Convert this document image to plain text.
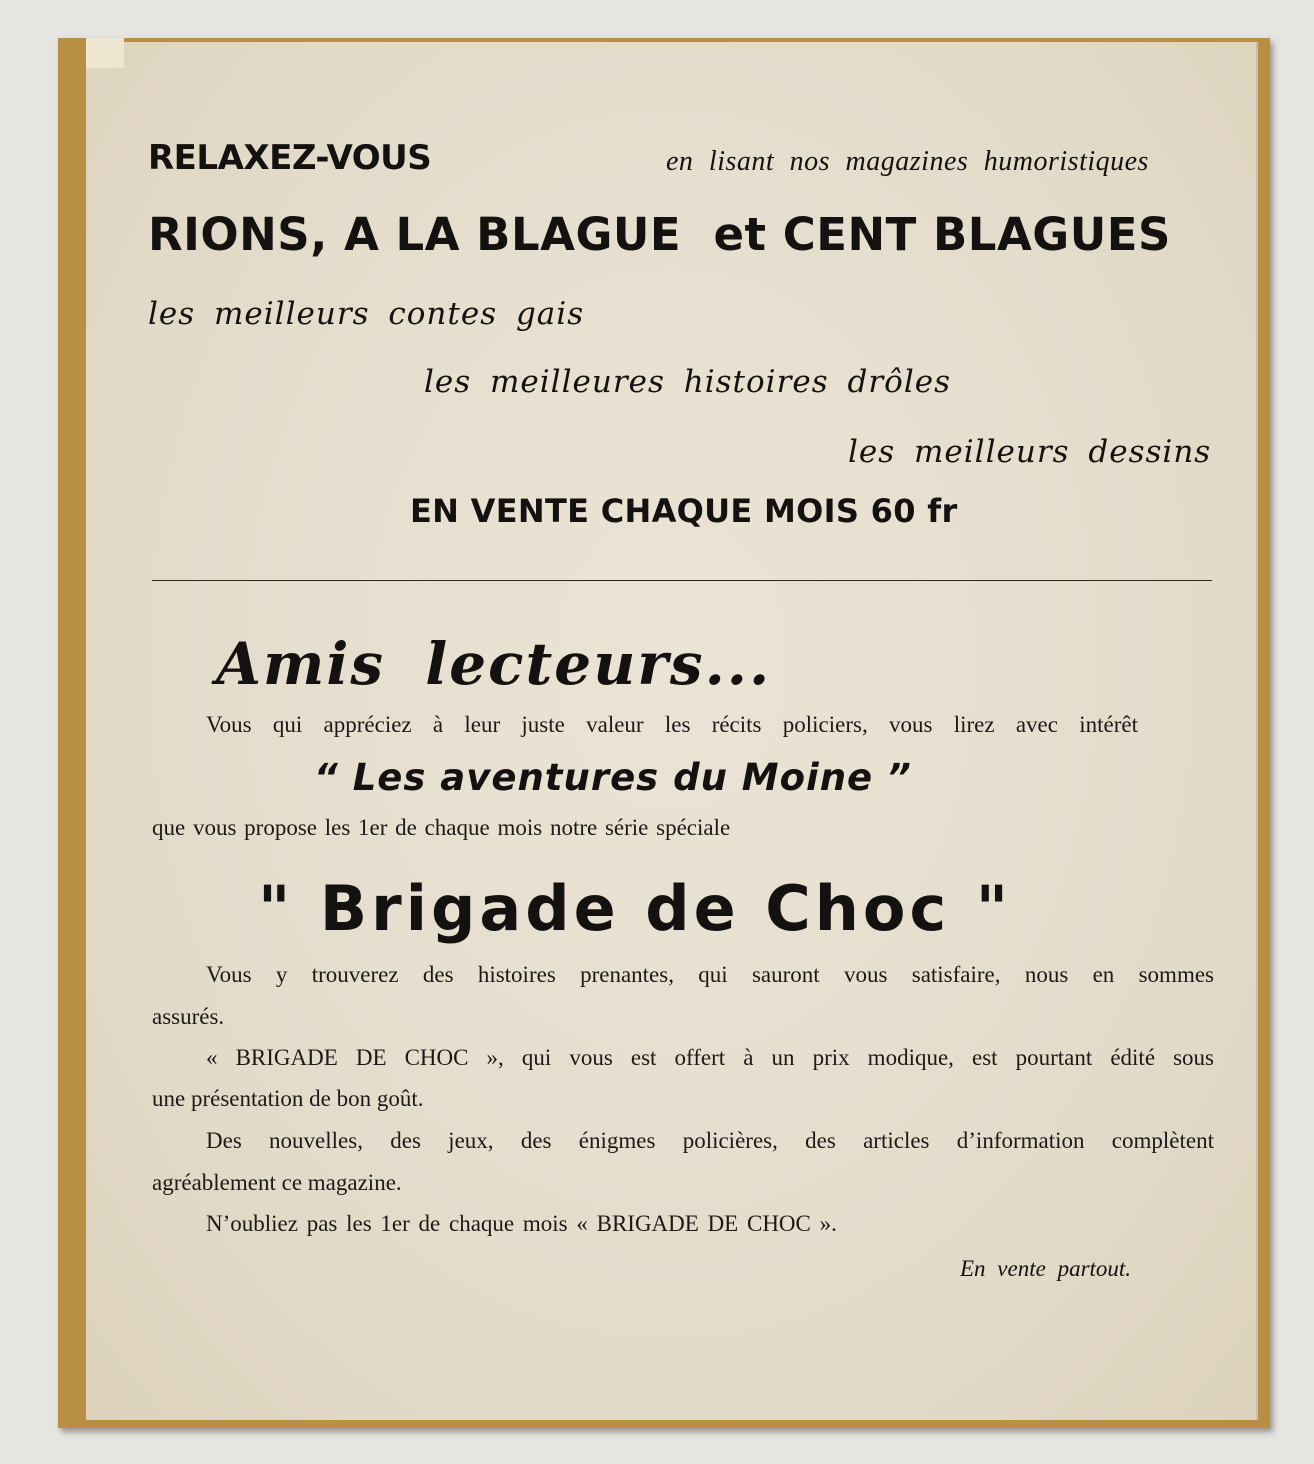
RELAXEZ-VOUS	en lisant nos magazines humoristiques

RIONS, A LA BLAGUE  et CENT BLAGUES

les meilleurs contes gais

les meilleures histoires drôles

les meilleurs dessins

EN VENTE CHAQUE MOIS 60 fr

Amis lecteurs...

Vous qui appréciez à leur juste valeur les récits policiers, vous lirez avec intérêt

“ Les aventures du Moine ”

que vous propose les 1er de chaque mois notre série spéciale

" Brigade de Choc "

Vous y trouverez des histoires prenantes, qui sauront vous satisfaire, nous en sommes

assurés.

« BRIGADE DE CHOC », qui vous est offert à un prix modique, est pourtant édité sous

une présentation de bon goût.

Des nouvelles, des jeux, des énigmes policières, des articles d’information complètent

agréablement ce magazine.

N’oubliez pas les 1er de chaque mois « BRIGADE DE CHOC ».

En vente partout.
